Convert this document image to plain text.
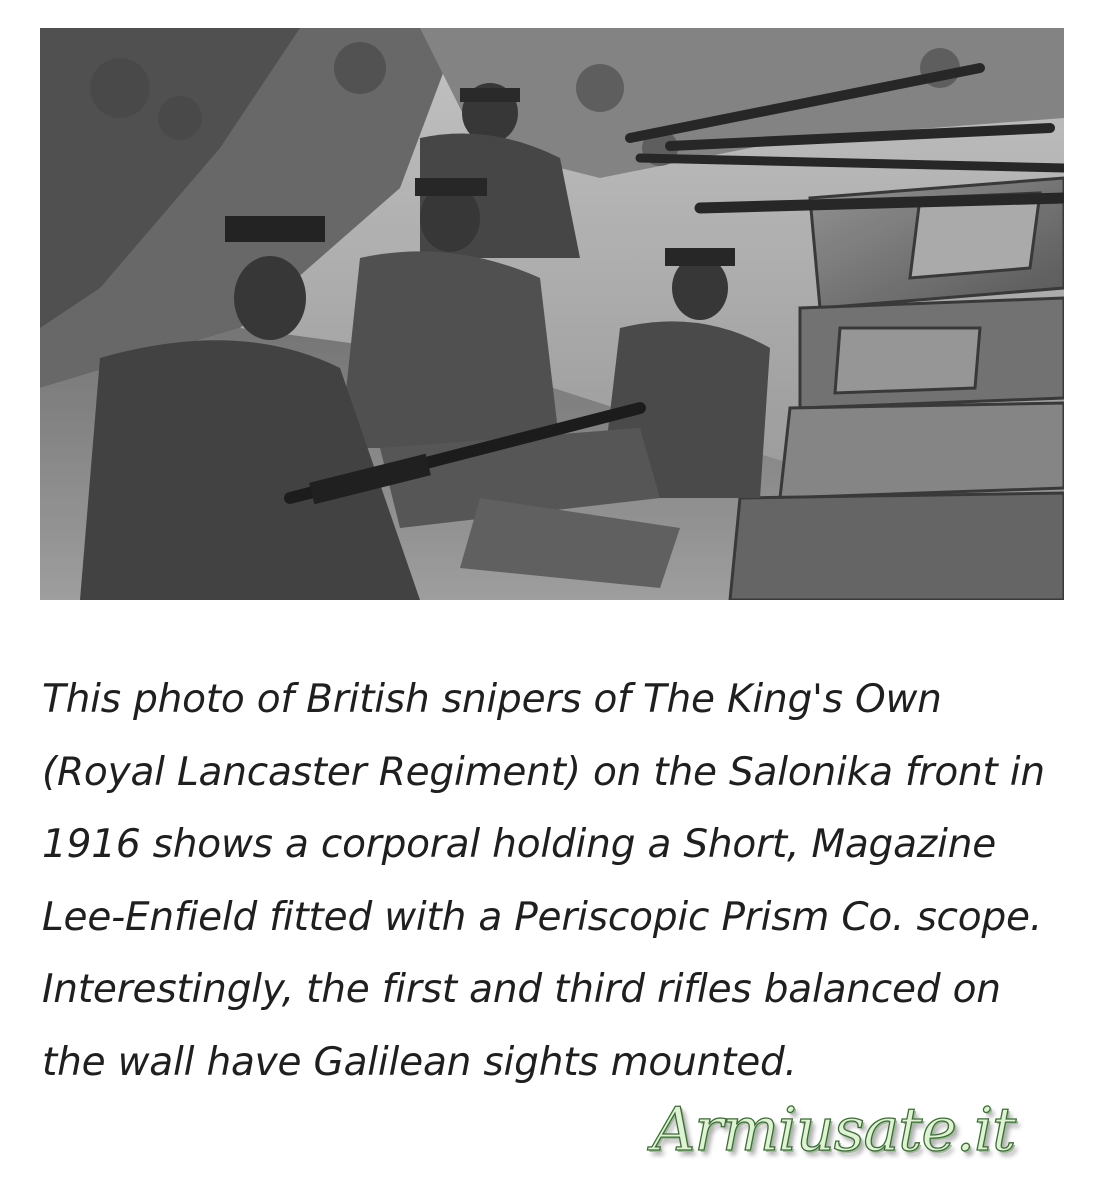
This photo of British snipers of The King's Own (Royal Lancaster Regiment) on the Salonika front in 1916 shows a corporal holding a Short, Magazine Lee-Enfield fitted with a Periscopic Prism Co. scope. Interestingly, the first and third rifles balanced on the wall have Galilean sights mounted.

Armiusate.it
